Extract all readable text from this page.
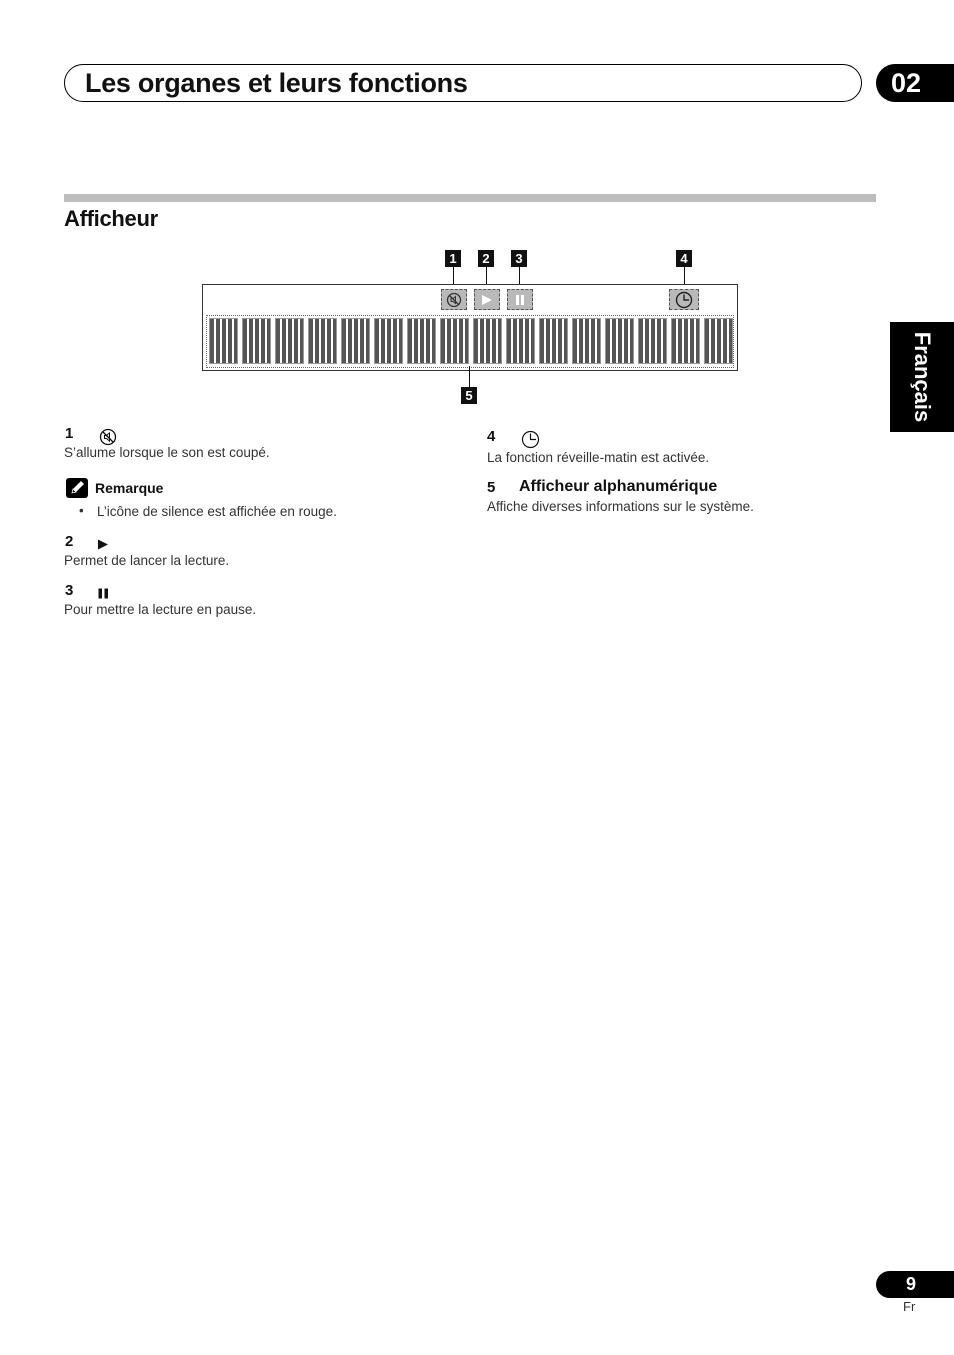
Les organes et leurs fonctions	02
Afficheur
Français
1	2	3	4
5
1
S’allume lorsque le son est coupé.
Remarque
• L’icône de silence est affichée en rouge.
2
Permet de lancer la lecture.
3
Pour mettre la lecture en pause.
4
La fonction réveille-matin est activée.
5 Afficheur alphanumérique
Affiche diverses informations sur le système.
9
Fr
